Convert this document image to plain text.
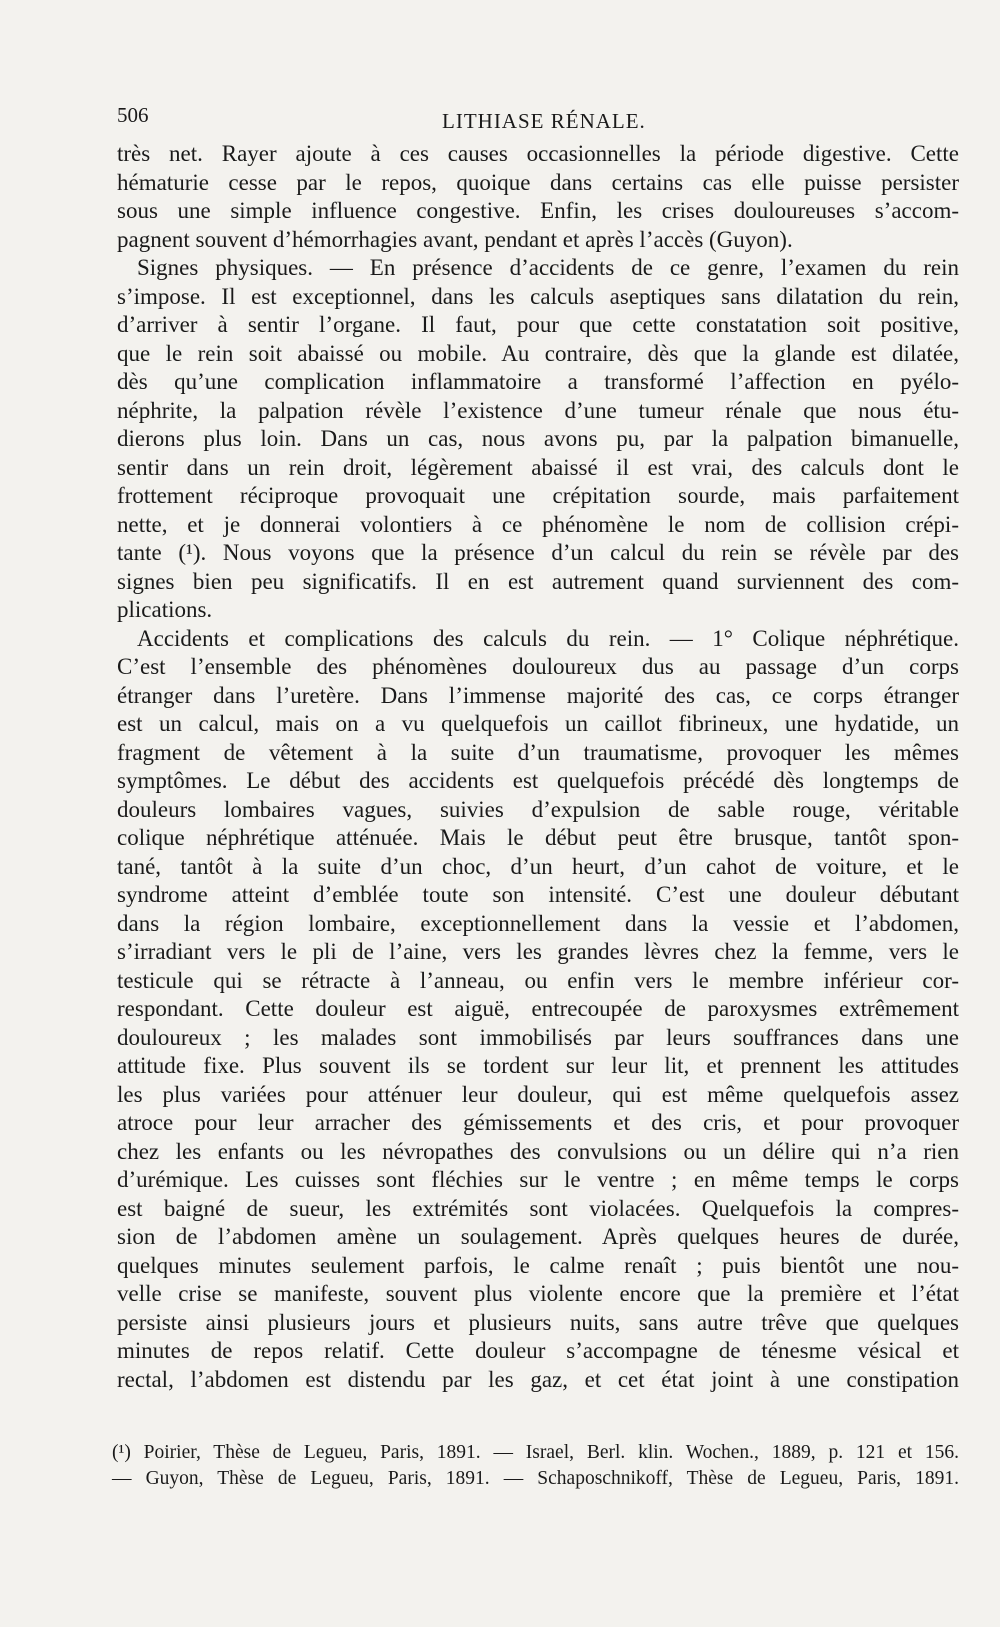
506	LITHIASE RÉNALE.
très net. Rayer ajoute à ces causes occasionnelles la période digestive. Cette
hématurie cesse par le repos, quoique dans certains cas elle puisse persister
sous une simple influence congestive. Enfin, les crises douloureuses s’accom-
pagnent souvent d’hémorrhagies avant, pendant et après l’accès (Guyon).
Signes physiques. — En présence d’accidents de ce genre, l’examen du rein
s’impose. Il est exceptionnel, dans les calculs aseptiques sans dilatation du rein,
d’arriver à sentir l’organe. Il faut, pour que cette constatation soit positive,
que le rein soit abaissé ou mobile. Au contraire, dès que la glande est dilatée,
dès qu’une complication inflammatoire a transformé l’affection en pyélo-
néphrite, la palpation révèle l’existence d’une tumeur rénale que nous étu-
dierons plus loin. Dans un cas, nous avons pu, par la palpation bimanuelle,
sentir dans un rein droit, légèrement abaissé il est vrai, des calculs dont le
frottement réciproque provoquait une crépitation sourde, mais parfaitement
nette, et je donnerai volontiers à ce phénomène le nom de collision crépi-
tante (¹). Nous voyons que la présence d’un calcul du rein se révèle par des
signes bien peu significatifs. Il en est autrement quand surviennent des com-
plications.
Accidents et complications des calculs du rein. — 1° Colique néphrétique.
C’est l’ensemble des phénomènes douloureux dus au passage d’un corps
étranger dans l’uretère. Dans l’immense majorité des cas, ce corps étranger
est un calcul, mais on a vu quelquefois un caillot fibrineux, une hydatide, un
fragment de vêtement à la suite d’un traumatisme, provoquer les mêmes
symptômes. Le début des accidents est quelquefois précédé dès longtemps de
douleurs lombaires vagues, suivies d’expulsion de sable rouge, véritable
colique néphrétique atténuée. Mais le début peut être brusque, tantôt spon-
tané, tantôt à la suite d’un choc, d’un heurt, d’un cahot de voiture, et le
syndrome atteint d’emblée toute son intensité. C’est une douleur débutant
dans la région lombaire, exceptionnellement dans la vessie et l’abdomen,
s’irradiant vers le pli de l’aine, vers les grandes lèvres chez la femme, vers le
testicule qui se rétracte à l’anneau, ou enfin vers le membre inférieur cor-
respondant. Cette douleur est aiguë, entrecoupée de paroxysmes extrêmement
douloureux ; les malades sont immobilisés par leurs souffrances dans une
attitude fixe. Plus souvent ils se tordent sur leur lit, et prennent les attitudes
les plus variées pour atténuer leur douleur, qui est même quelquefois assez
atroce pour leur arracher des gémissements et des cris, et pour provoquer
chez les enfants ou les névropathes des convulsions ou un délire qui n’a rien
d’urémique. Les cuisses sont fléchies sur le ventre ; en même temps le corps
est baigné de sueur, les extrémités sont violacées. Quelquefois la compres-
sion de l’abdomen amène un soulagement. Après quelques heures de durée,
quelques minutes seulement parfois, le calme renaît ; puis bientôt une nou-
velle crise se manifeste, souvent plus violente encore que la première et l’état
persiste ainsi plusieurs jours et plusieurs nuits, sans autre trêve que quelques
minutes de repos relatif. Cette douleur s’accompagne de ténesme vésical et
rectal, l’abdomen est distendu par les gaz, et cet état joint à une constipation
(¹) Poirier, Thèse de Legueu, Paris, 1891. — Israel, Berl. klin. Wochen., 1889, p. 121 et 156.
— Guyon, Thèse de Legueu, Paris, 1891. — Schaposchnikoff, Thèse de Legueu, Paris, 1891.
